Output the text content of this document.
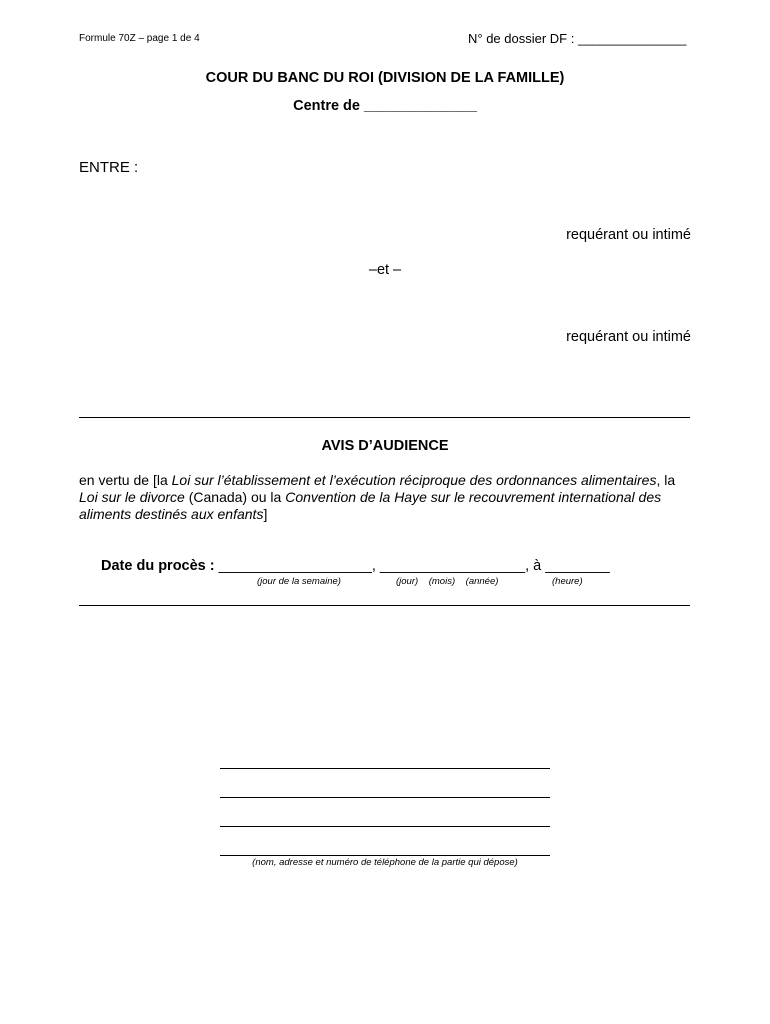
Formule 70Z – page 1 de 4	N° de dossier DF : _______________
COUR DU BANC DU ROI (DIVISION DE LA FAMILLE)
Centre de ______________
ENTRE :
requérant ou intimé
–et –
requérant ou intimé
AVIS D’AUDIENCE
en vertu de [la Loi sur l’établissement et l’exécution réciproque des ordonnances alimentaires, la Loi sur le divorce (Canada) ou la Convention de la Haye sur le recouvrement international des aliments destinés aux enfants]
Date du procès : ___________________, __________________, à ________
(jour de la semaine)	(jour)    (mois)    (année)	(heure)
(nom, adresse et numéro de téléphone de la partie qui dépose)
